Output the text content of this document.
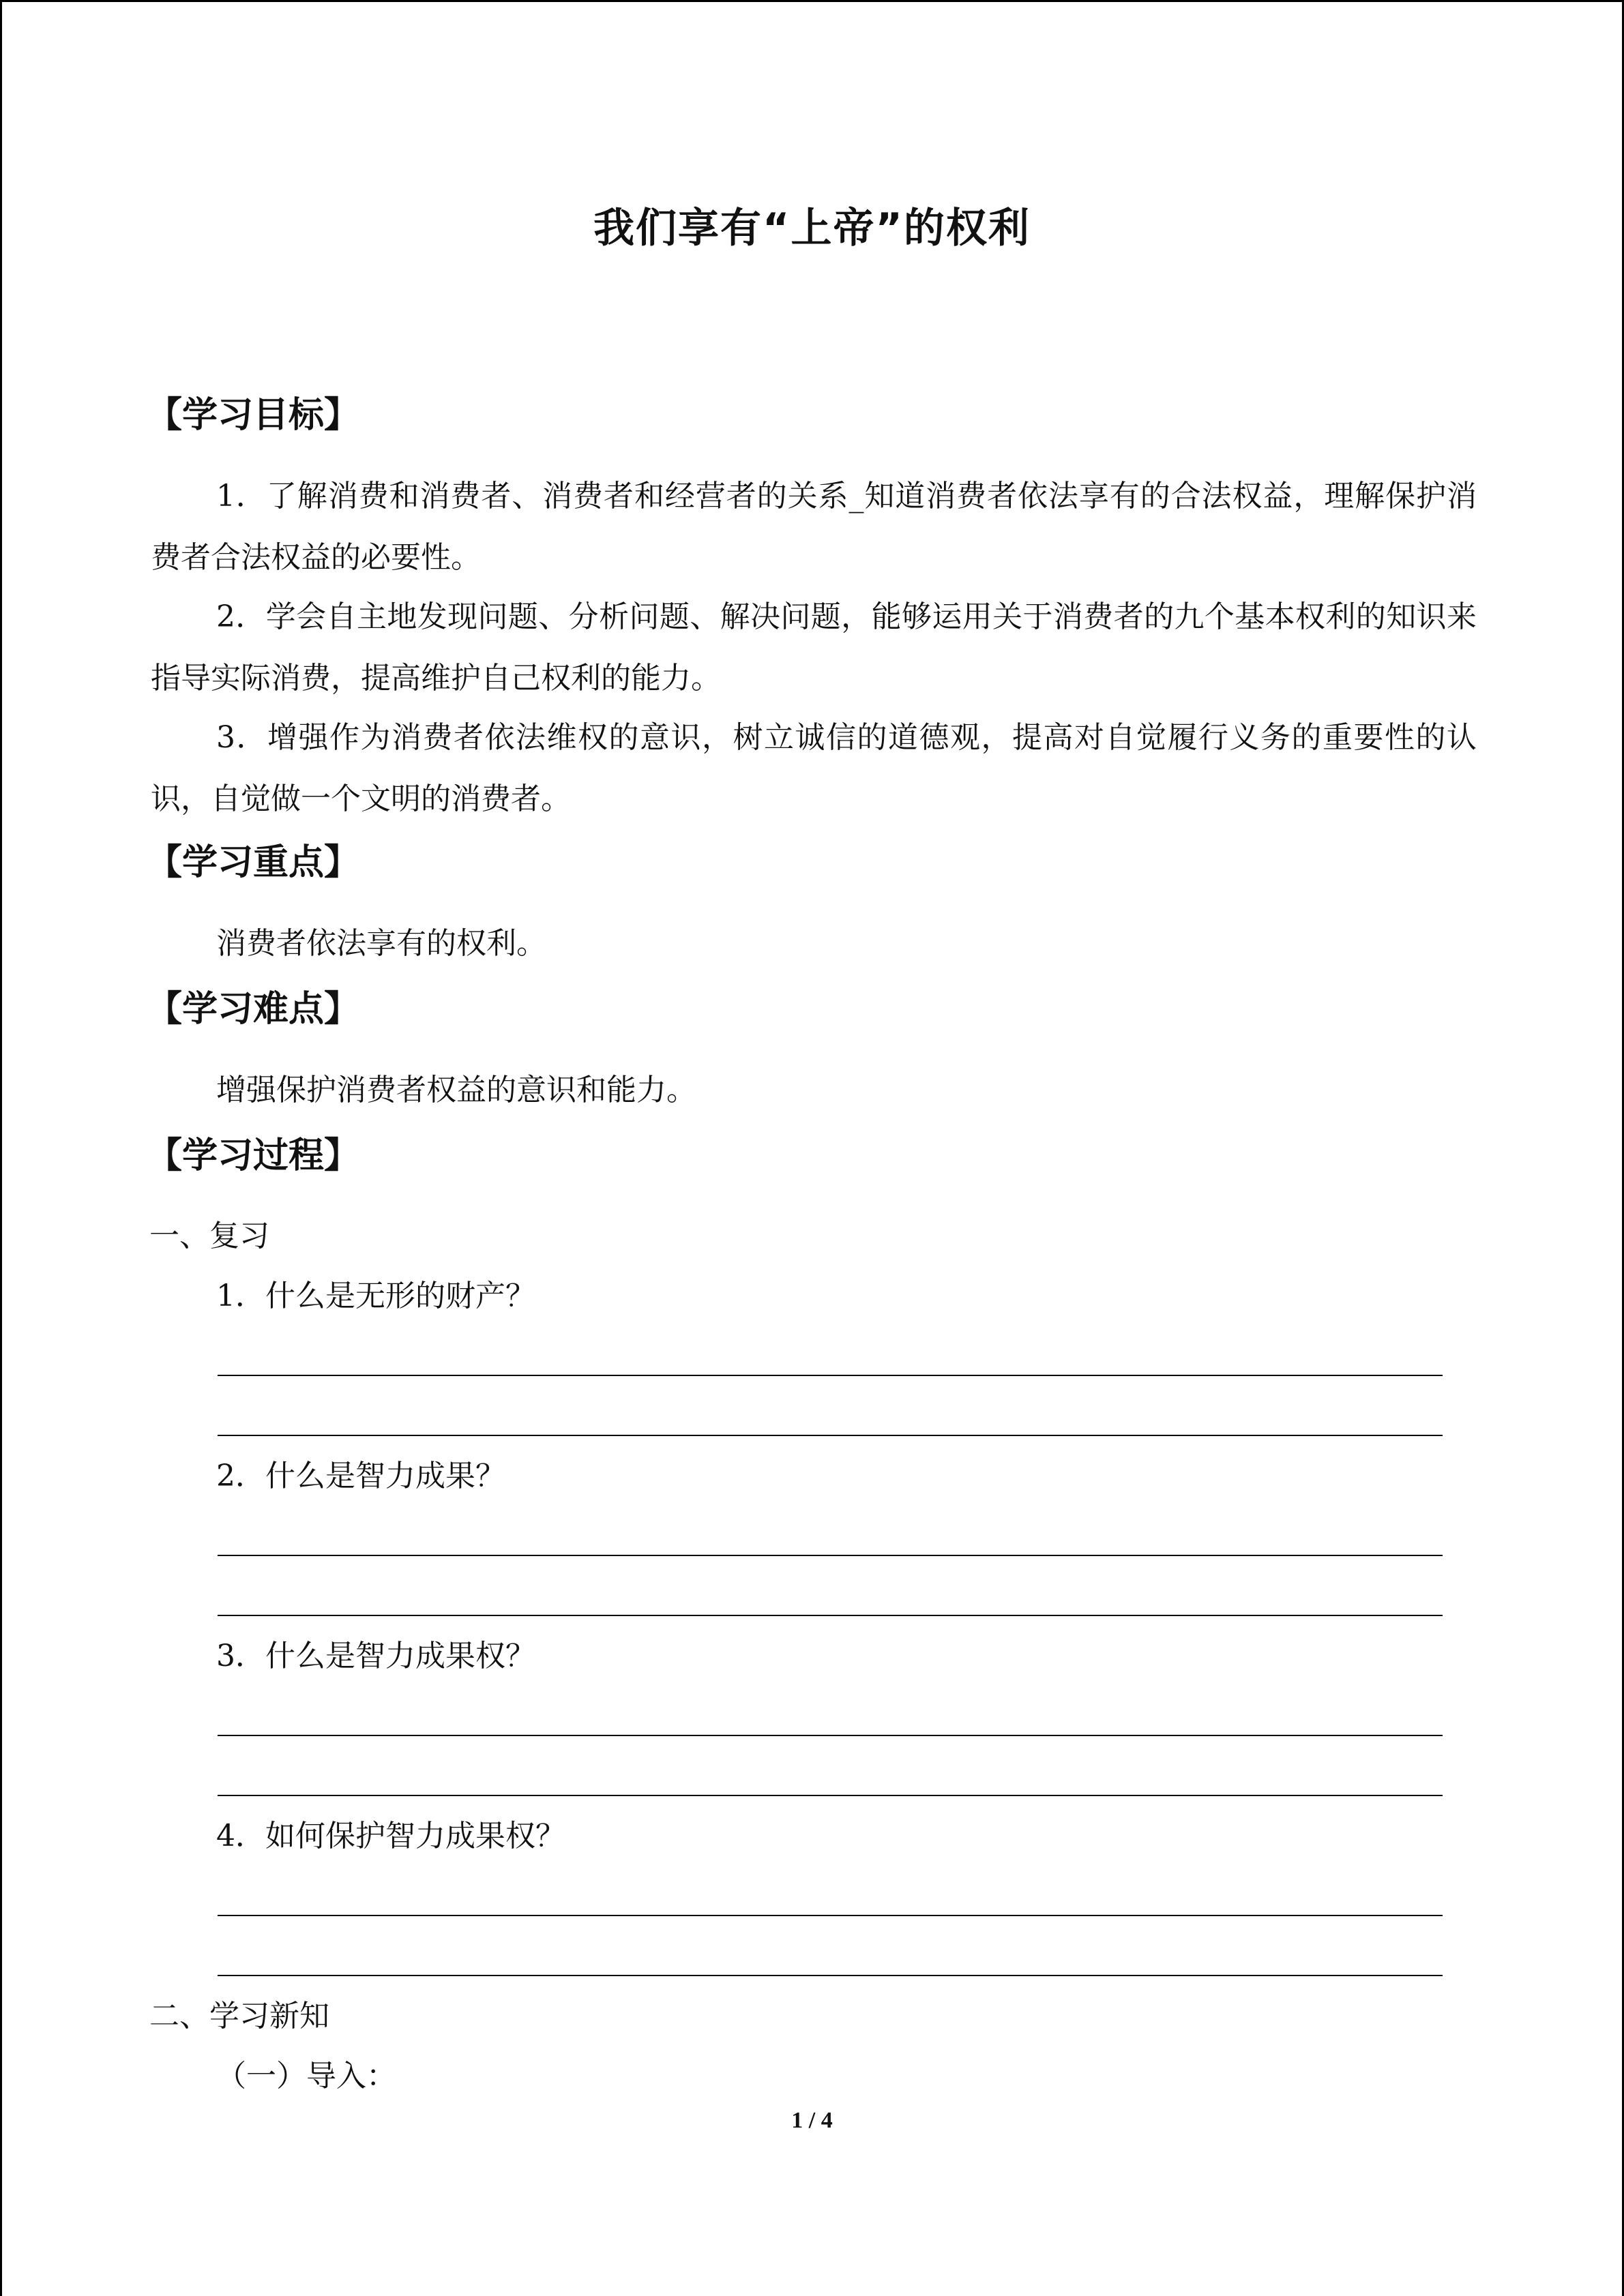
我们享有“上帝”的权利
【学习目标】

1．了解消费和消费者、消费者和经营者的关系_知道消费者依法享有的合法权益，理解保护消费者合法权益的必要性。

2．学会自主地发现问题、分析问题、解决问题，能够运用关于消费者的九个基本权利的知识来指导实际消费，提高维护自己权利的能力。

3．增强作为消费者依法维权的意识，树立诚信的道德观，提高对自觉履行义务的重要性的认识，自觉做一个文明的消费者。

【学习重点】
消费者依法享有的权利。
【学习难点】
增强保护消费者权益的意识和能力。
【学习过程】
一、复习
1．什么是无形的财产？
2．什么是智力成果？
3．什么是智力成果权？
4．如何保护智力成果权？
二、学习新知
（一）导入：
1 / 4
